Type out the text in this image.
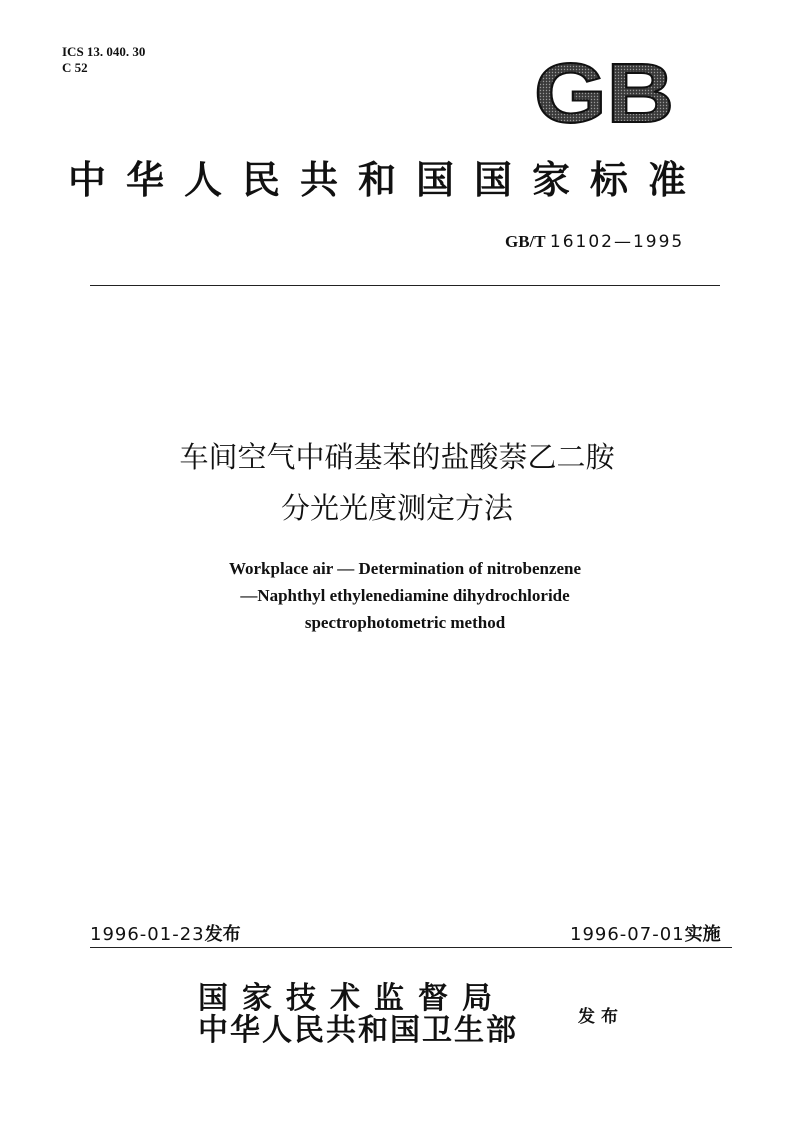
ICS 13. 040. 30
C 52	GB
中华人民共和国国家标准
GB/T 16102—1995
车间空气中硝基苯的盐酸萘乙二胺
分光光度测定方法
Workplace air — Determination of nitrobenzene
—Naphthyl ethylenediamine dihydrochloride
spectrophotometric method
1996-01-23发布	1996-07-01实施
国家技术监督局
中华人民共和国卫生部	发布
